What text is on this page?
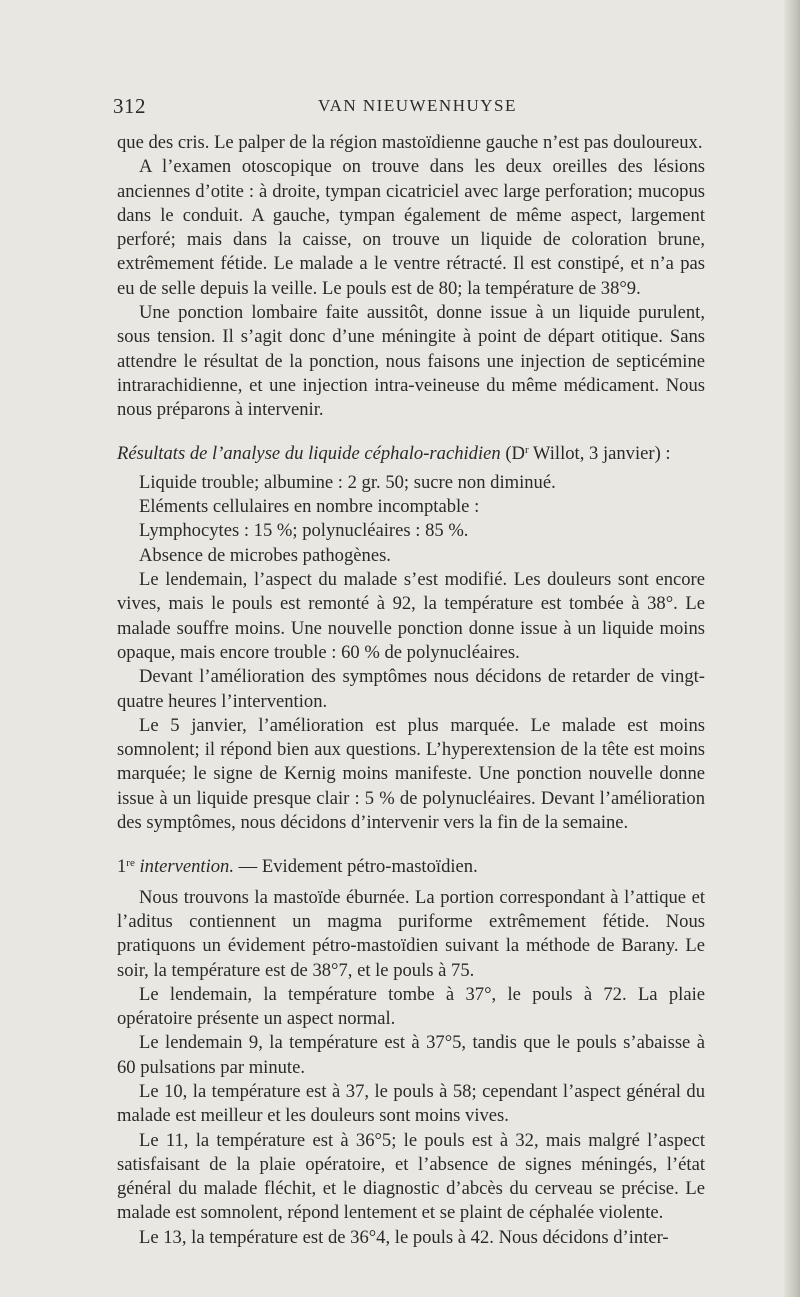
312	VAN NIEUWENHUYSE

que des cris. Le palper de la région mastoïdienne gauche n’est pas douloureux.

A l’examen otoscopique on trouve dans les deux oreilles des lésions anciennes d’otite : à droite, tympan cicatriciel avec large perforation; mucopus dans le conduit. A gauche, tympan également de même aspect, largement perforé; mais dans la caisse, on trouve un liquide de coloration brune, extrêmement fétide. Le malade a le ventre rétracté. Il est constipé, et n’a pas eu de selle depuis la veille. Le pouls est de 80; la température de 38°9.

Une ponction lombaire faite aussitôt, donne issue à un liquide purulent, sous tension. Il s’agit donc d’une méningite à point de départ otitique. Sans attendre le résultat de la ponction, nous faisons une injection de septicémine intrarachidienne, et une injection intra-veineuse du même médicament. Nous nous préparons à intervenir.

Résultats de l’analyse du liquide céphalo-rachidien ($D^r$ Willot, 3 janvier) :

Liquide trouble; albumine : 2 gr. 50; sucre non diminué.

Eléments cellulaires en nombre incomptable :

Lymphocytes : 15 %; polynucléaires : 85 %.

Absence de microbes pathogènes.

Le lendemain, l’aspect du malade s’est modifié. Les douleurs sont encore vives, mais le pouls est remonté à 92, la température est tombée à 38°. Le malade souffre moins. Une nouvelle ponction donne issue à un liquide moins opaque, mais encore trouble : 60 % de polynucléaires.

Devant l’amélioration des symptômes nous décidons de retarder de vingt-quatre heures l’intervention.

Le 5 janvier, l’amélioration est plus marquée. Le malade est moins somnolent; il répond bien aux questions. L’hyperextension de la tête est moins marquée; le signe de Kernig moins manifeste. Une ponction nouvelle donne issue à un liquide presque clair : 5 % de polynucléaires. Devant l’amélioration des symptômes, nous décidons d’intervenir vers la fin de la semaine.

1re intervention. — Evidement pétro-mastoïdien.

Nous trouvons la mastoïde éburnée. La portion correspondant à l’attique et l’aditus contiennent un magma puriforme extrêmement fétide. Nous pratiquons un évidement pétro-mastoïdien suivant la méthode de Barany. Le soir, la température est de 38°7, et le pouls à 75.

Le lendemain, la température tombe à 37°, le pouls à 72. La plaie opératoire présente un aspect normal.

Le lendemain 9, la température est à 37°5, tandis que le pouls s’abaisse à 60 pulsations par minute.

Le 10, la température est à 37, le pouls à 58; cependant l’aspect général du malade est meilleur et les douleurs sont moins vives.

Le 11, la température est à 36°5; le pouls est à 32, mais malgré l’aspect satisfaisant de la plaie opératoire, et l’absence de signes méningés, l’état général du malade fléchit, et le diagnostic d’abcès du cerveau se précise. Le malade est somnolent, répond lentement et se plaint de céphalée violente.

Le 13, la température est de 36°4, le pouls à 42. Nous décidons d’inter-
